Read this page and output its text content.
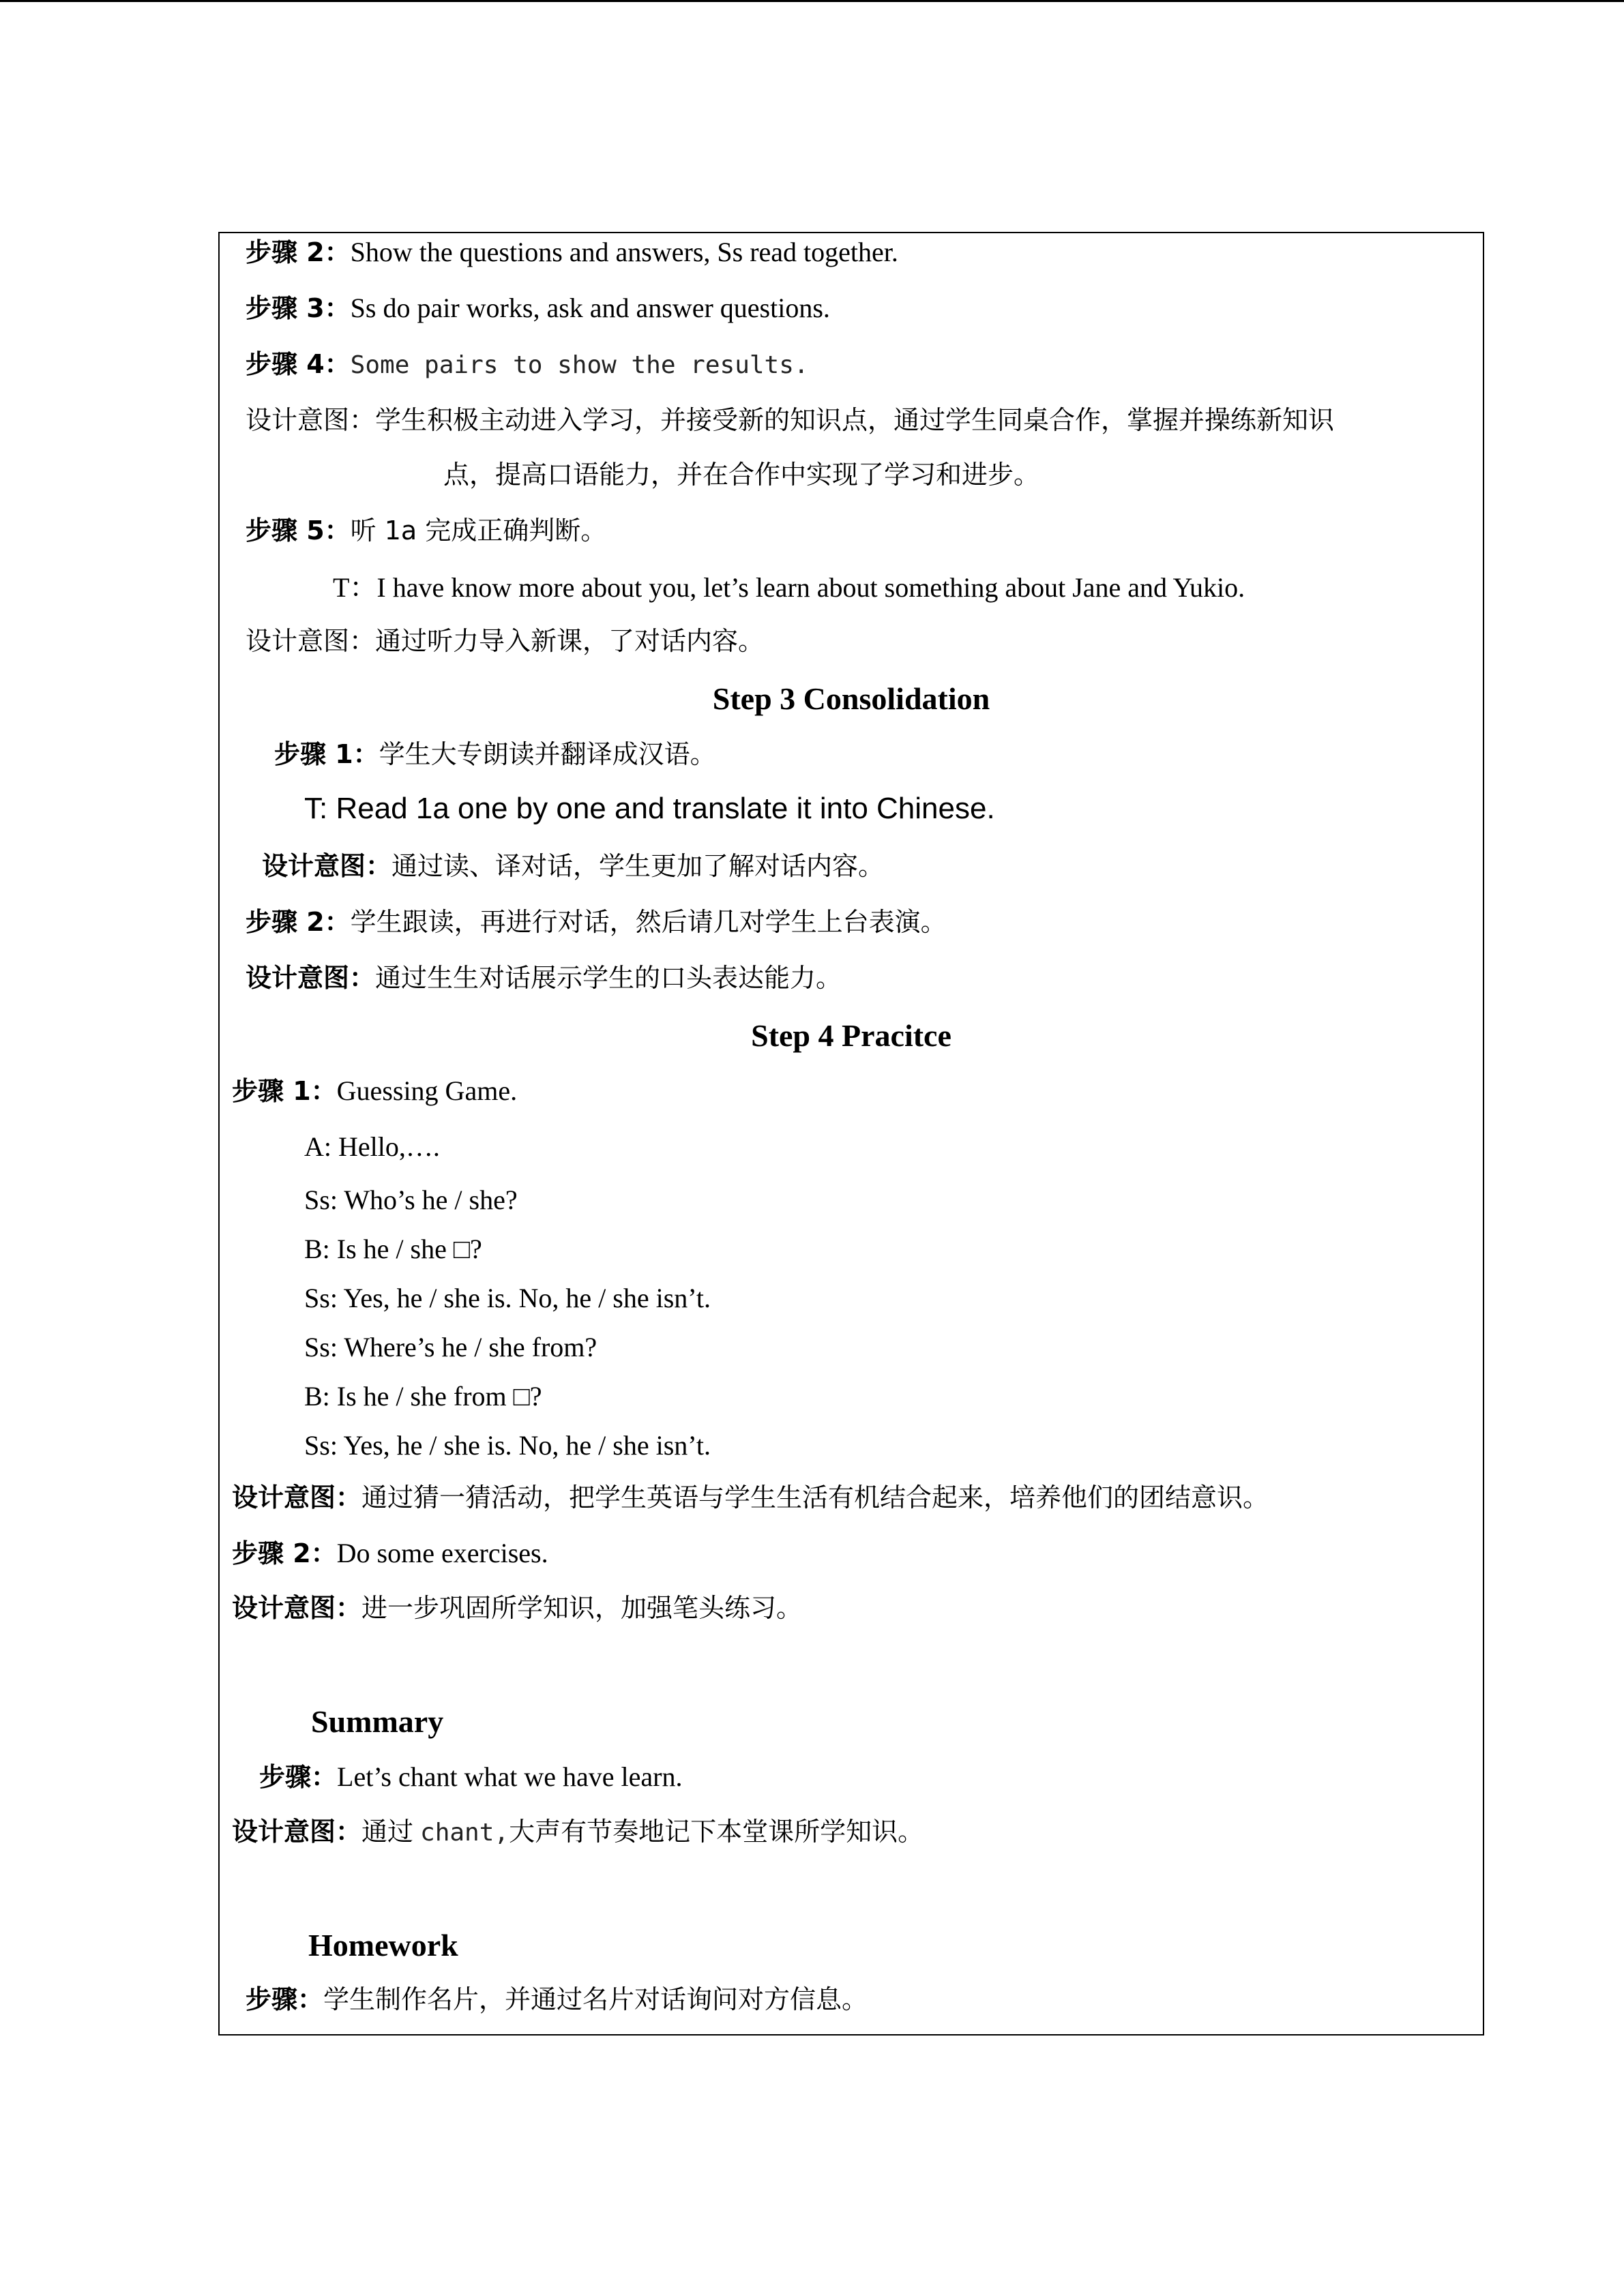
步骤 2：Show the questions and answers, Ss read together.
步骤 3：Ss do pair works, ask and answer questions.
步骤 4：Some pairs to show the results.
设计意图：学生积极主动进入学习，并接受新的知识点，通过学生同桌合作，掌握并操练新知识
点，提高口语能力，并在合作中实现了学习和进步。
步骤 5：听 1a 完成正确判断。
T：I have know more about you, let’s learn about something about Jane and Yukio.
设计意图：通过听力导入新课，了对话内容。
Step 3 Consolidation
步骤 1：学生大专朗读并翻译成汉语。
T: Read 1a one by one and translate it into Chinese.
设计意图：通过读、译对话，学生更加了解对话内容。
步骤 2：学生跟读，再进行对话，然后请几对学生上台表演。
设计意图：通过生生对话展示学生的口头表达能力。
Step 4 Pracitce
步骤 1：Guessing Game.
A: Hello,….
Ss: Who’s he / she?
B: Is he / she □?
Ss: Yes, he / she is. No, he / she isn’t.
Ss: Where’s he / she from?
B: Is he / she from □?
Ss: Yes, he / she is. No, he / she isn’t.
设计意图：通过猜一猜活动，把学生英语与学生生活有机结合起来，培养他们的团结意识。
步骤 2：Do some exercises.
设计意图：进一步巩固所学知识，加强笔头练习。
Summary
步骤：Let’s chant what we have learn.
设计意图：通过 chant,大声有节奏地记下本堂课所学知识。
Homework
步骤：学生制作名片，并通过名片对话询问对方信息。
